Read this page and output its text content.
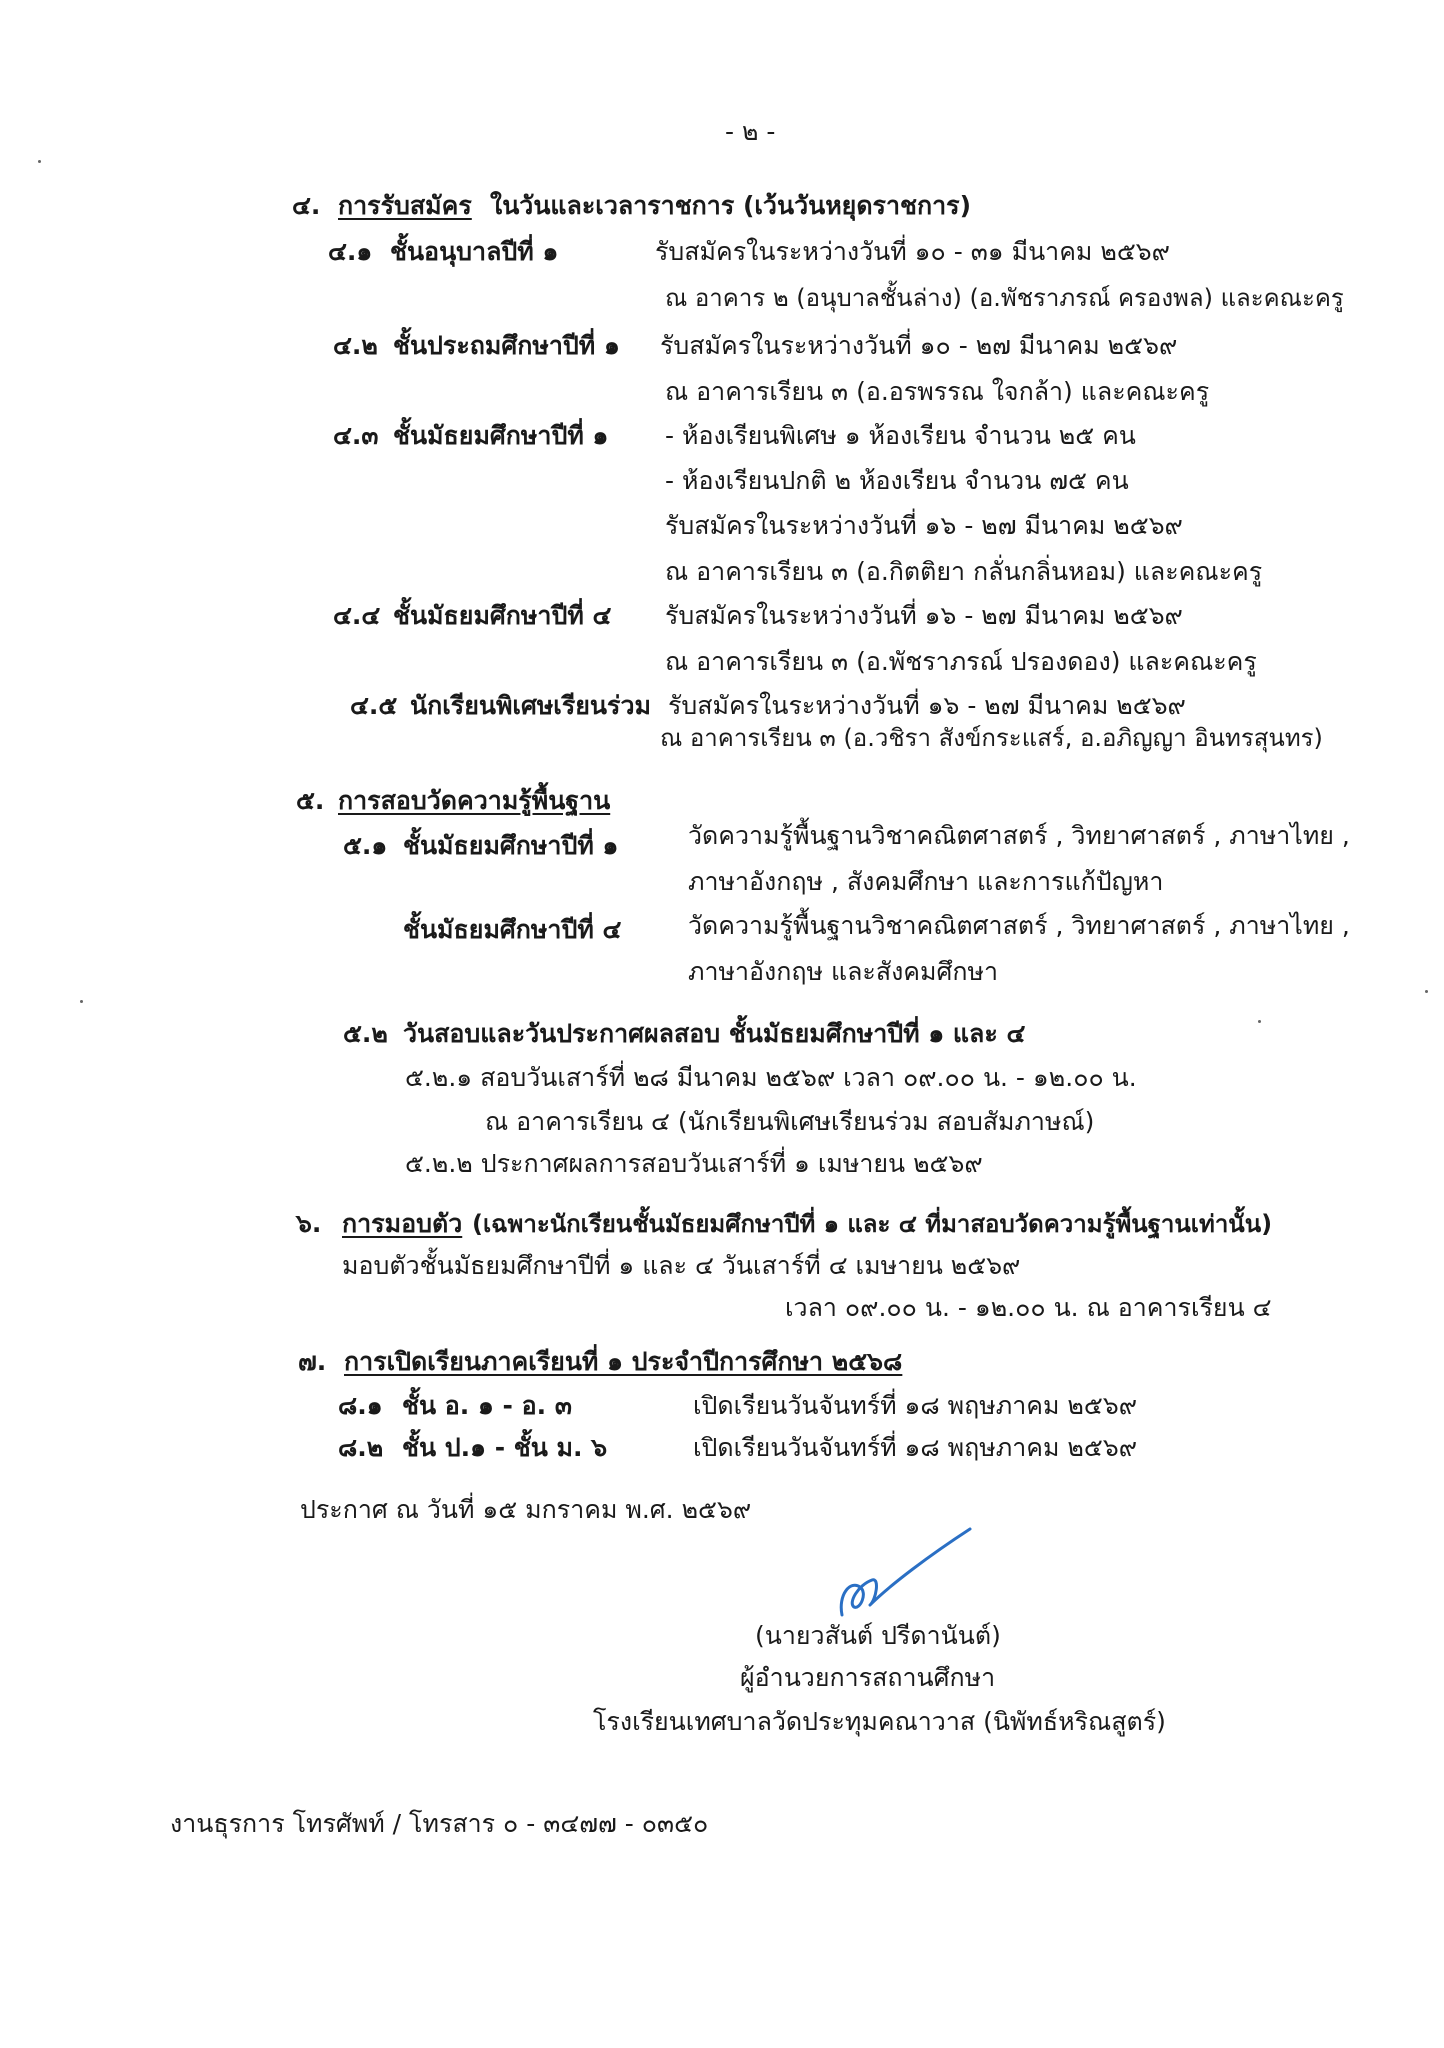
- ๒ -
๔. การรับสมัคร ในวันและเวลาราชการ (เว้นวันหยุดราชการ)
๔.๑ ชั้นอนุบาลปีที่ ๑	รับสมัครในระหว่างวันที่ ๑๐ - ๓๑ มีนาคม ๒๕๖๙
ณ อาคาร ๒ (อนุบาลชั้นล่าง) (อ.พัชราภรณ์ ครองพล) และคณะครู
๔.๒ ชั้นประถมศึกษาปีที่ ๑ รับสมัครในระหว่างวันที่ ๑๐ - ๒๗ มีนาคม ๒๕๖๙
ณ อาคารเรียน ๓ (อ.อรพรรณ ใจกล้า) และคณะครู
๔.๓ ชั้นมัธยมศึกษาปีที่ ๑ - ห้องเรียนพิเศษ ๑ ห้องเรียน จำนวน ๒๕ คน
- ห้องเรียนปกติ ๒ ห้องเรียน จำนวน ๗๕ คน
รับสมัครในระหว่างวันที่ ๑๖ - ๒๗ มีนาคม ๒๕๖๙
ณ อาคารเรียน ๓ (อ.กิตติยา กลั่นกลิ่นหอม) และคณะครู
๔.๔ ชั้นมัธยมศึกษาปีที่ ๔ รับสมัครในระหว่างวันที่ ๑๖ - ๒๗ มีนาคม ๒๕๖๙
ณ อาคารเรียน ๓ (อ.พัชราภรณ์ ปรองดอง) และคณะครู
๔.๕ นักเรียนพิเศษเรียนร่วม รับสมัครในระหว่างวันที่ ๑๖ - ๒๗ มีนาคม ๒๕๖๙
ณ อาคารเรียน ๓ (อ.วชิรา สังข์กระแสร์, อ.อภิญญา อินทรสุนทร)
๕. การสอบวัดความรู้พื้นฐาน
๕.๑ ชั้นมัธยมศึกษาปีที่ ๑	วัดความรู้พื้นฐานวิชาคณิตศาสตร์ , วิทยาศาสตร์ , ภาษาไทย ,
ภาษาอังกฤษ , สังคมศึกษา และการแก้ปัญหา
ชั้นมัธยมศึกษาปีที่ ๔	วัดความรู้พื้นฐานวิชาคณิตศาสตร์ , วิทยาศาสตร์ , ภาษาไทย ,
ภาษาอังกฤษ และสังคมศึกษา
๕.๒ วันสอบและวันประกาศผลสอบ ชั้นมัธยมศึกษาปีที่ ๑ และ ๔
๕.๒.๑ สอบวันเสาร์ที่ ๒๘ มีนาคม ๒๕๖๙ เวลา ๐๙.๐๐ น. - ๑๒.๐๐ น.
ณ อาคารเรียน ๔ (นักเรียนพิเศษเรียนร่วม สอบสัมภาษณ์)
๕.๒.๒ ประกาศผลการสอบวันเสาร์ที่ ๑ เมษายน ๒๕๖๙
๖. การมอบตัว (เฉพาะนักเรียนชั้นมัธยมศึกษาปีที่ ๑ และ ๔ ที่มาสอบวัดความรู้พื้นฐานเท่านั้น)
มอบตัวชั้นมัธยมศึกษาปีที่ ๑ และ ๔ วันเสาร์ที่ ๔ เมษายน ๒๕๖๙
เวลา ๐๙.๐๐ น. - ๑๒.๐๐ น. ณ อาคารเรียน ๔
๗. การเปิดเรียนภาคเรียนที่ ๑ ประจำปีการศึกษา ๒๕๖๘
๘.๑ ชั้น อ. ๑ - อ. ๓	เปิดเรียนวันจันทร์ที่ ๑๘ พฤษภาคม ๒๕๖๙
๘.๒ ชั้น ป.๑ - ชั้น ม. ๖	เปิดเรียนวันจันทร์ที่ ๑๘ พฤษภาคม ๒๕๖๙
ประกาศ ณ วันที่ ๑๕ มกราคม พ.ศ. ๒๕๖๙
(นายวสันต์ ปรีดานันต์)
ผู้อำนวยการสถานศึกษา
โรงเรียนเทศบาลวัดประทุมคณาวาส (นิพัทธ์หริณสูตร์)
งานธุรการ โทรศัพท์ / โทรสาร ๐ - ๓๔๗๗ - ๐๓๕๐
